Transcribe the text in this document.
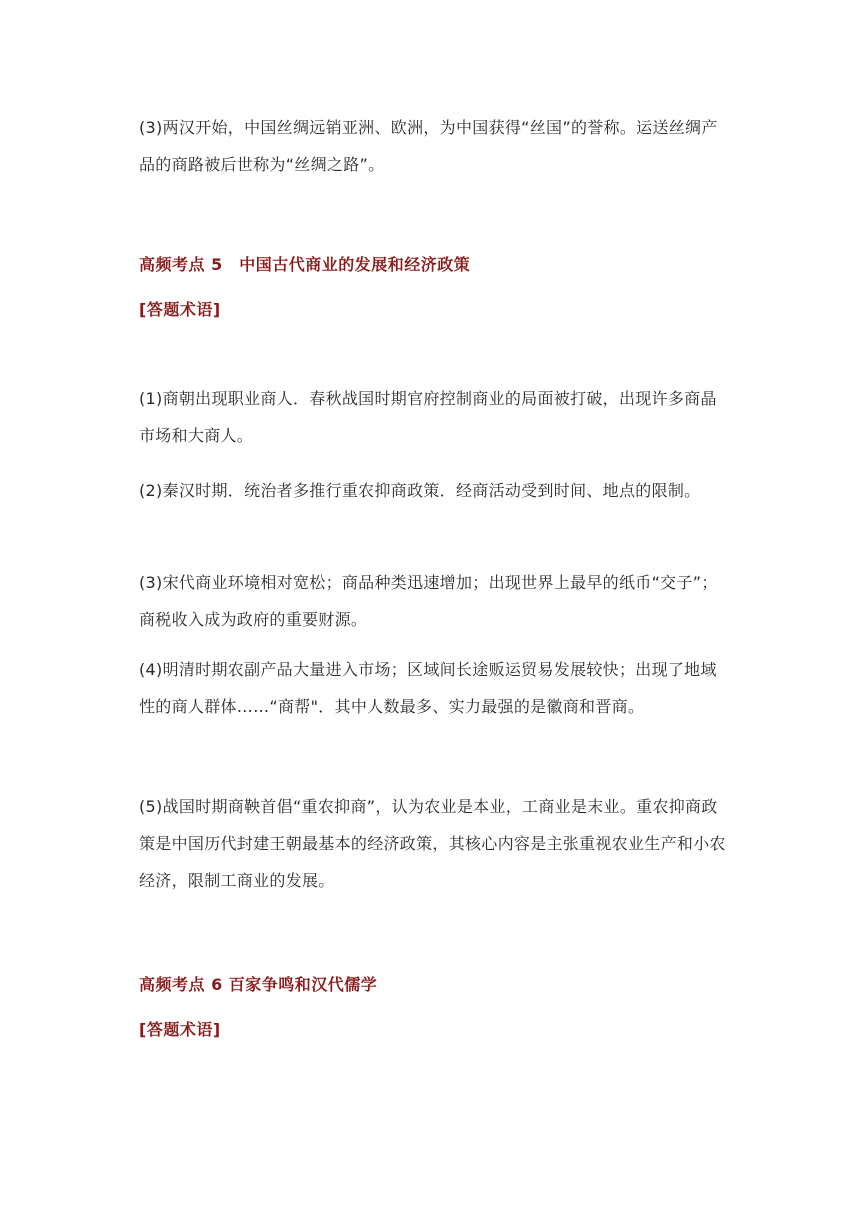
(3)两汉开始，中国丝绸远销亚洲、欧洲，为中国获得“丝国”的誉称。运送丝绸产品的商路被后世称为“丝绸之路”。
高频考点 5　中国古代商业的发展和经济政策
[答题术语]
(1)商朝出现职业商人．春秋战国时期官府控制商业的局面被打破，出现许多商晶市场和大商人。
(2)秦汉时期．统治者多推行重农抑商政策．经商活动受到时间、地点的限制。
(3)宋代商业环境相对宽松；商品种类迅速增加；出现世界上最早的纸币“交子”；商税收入成为政府的重要财源。
(4)明清时期农副产品大量进入市场；区域间长途贩运贸易发展较快；出现了地域性的商人群体……“商帮"．其中人数最多、实力最强的是徽商和晋商。
(5)战国时期商鞅首倡“重农抑商”，认为农业是本业，工商业是末业。重农抑商政策是中国历代封建王朝最基本的经济政策，其核心内容是主张重视农业生产和小农经济，限制工商业的发展。
高频考点 6 百家争鸣和汉代儒学
[答题术语]
